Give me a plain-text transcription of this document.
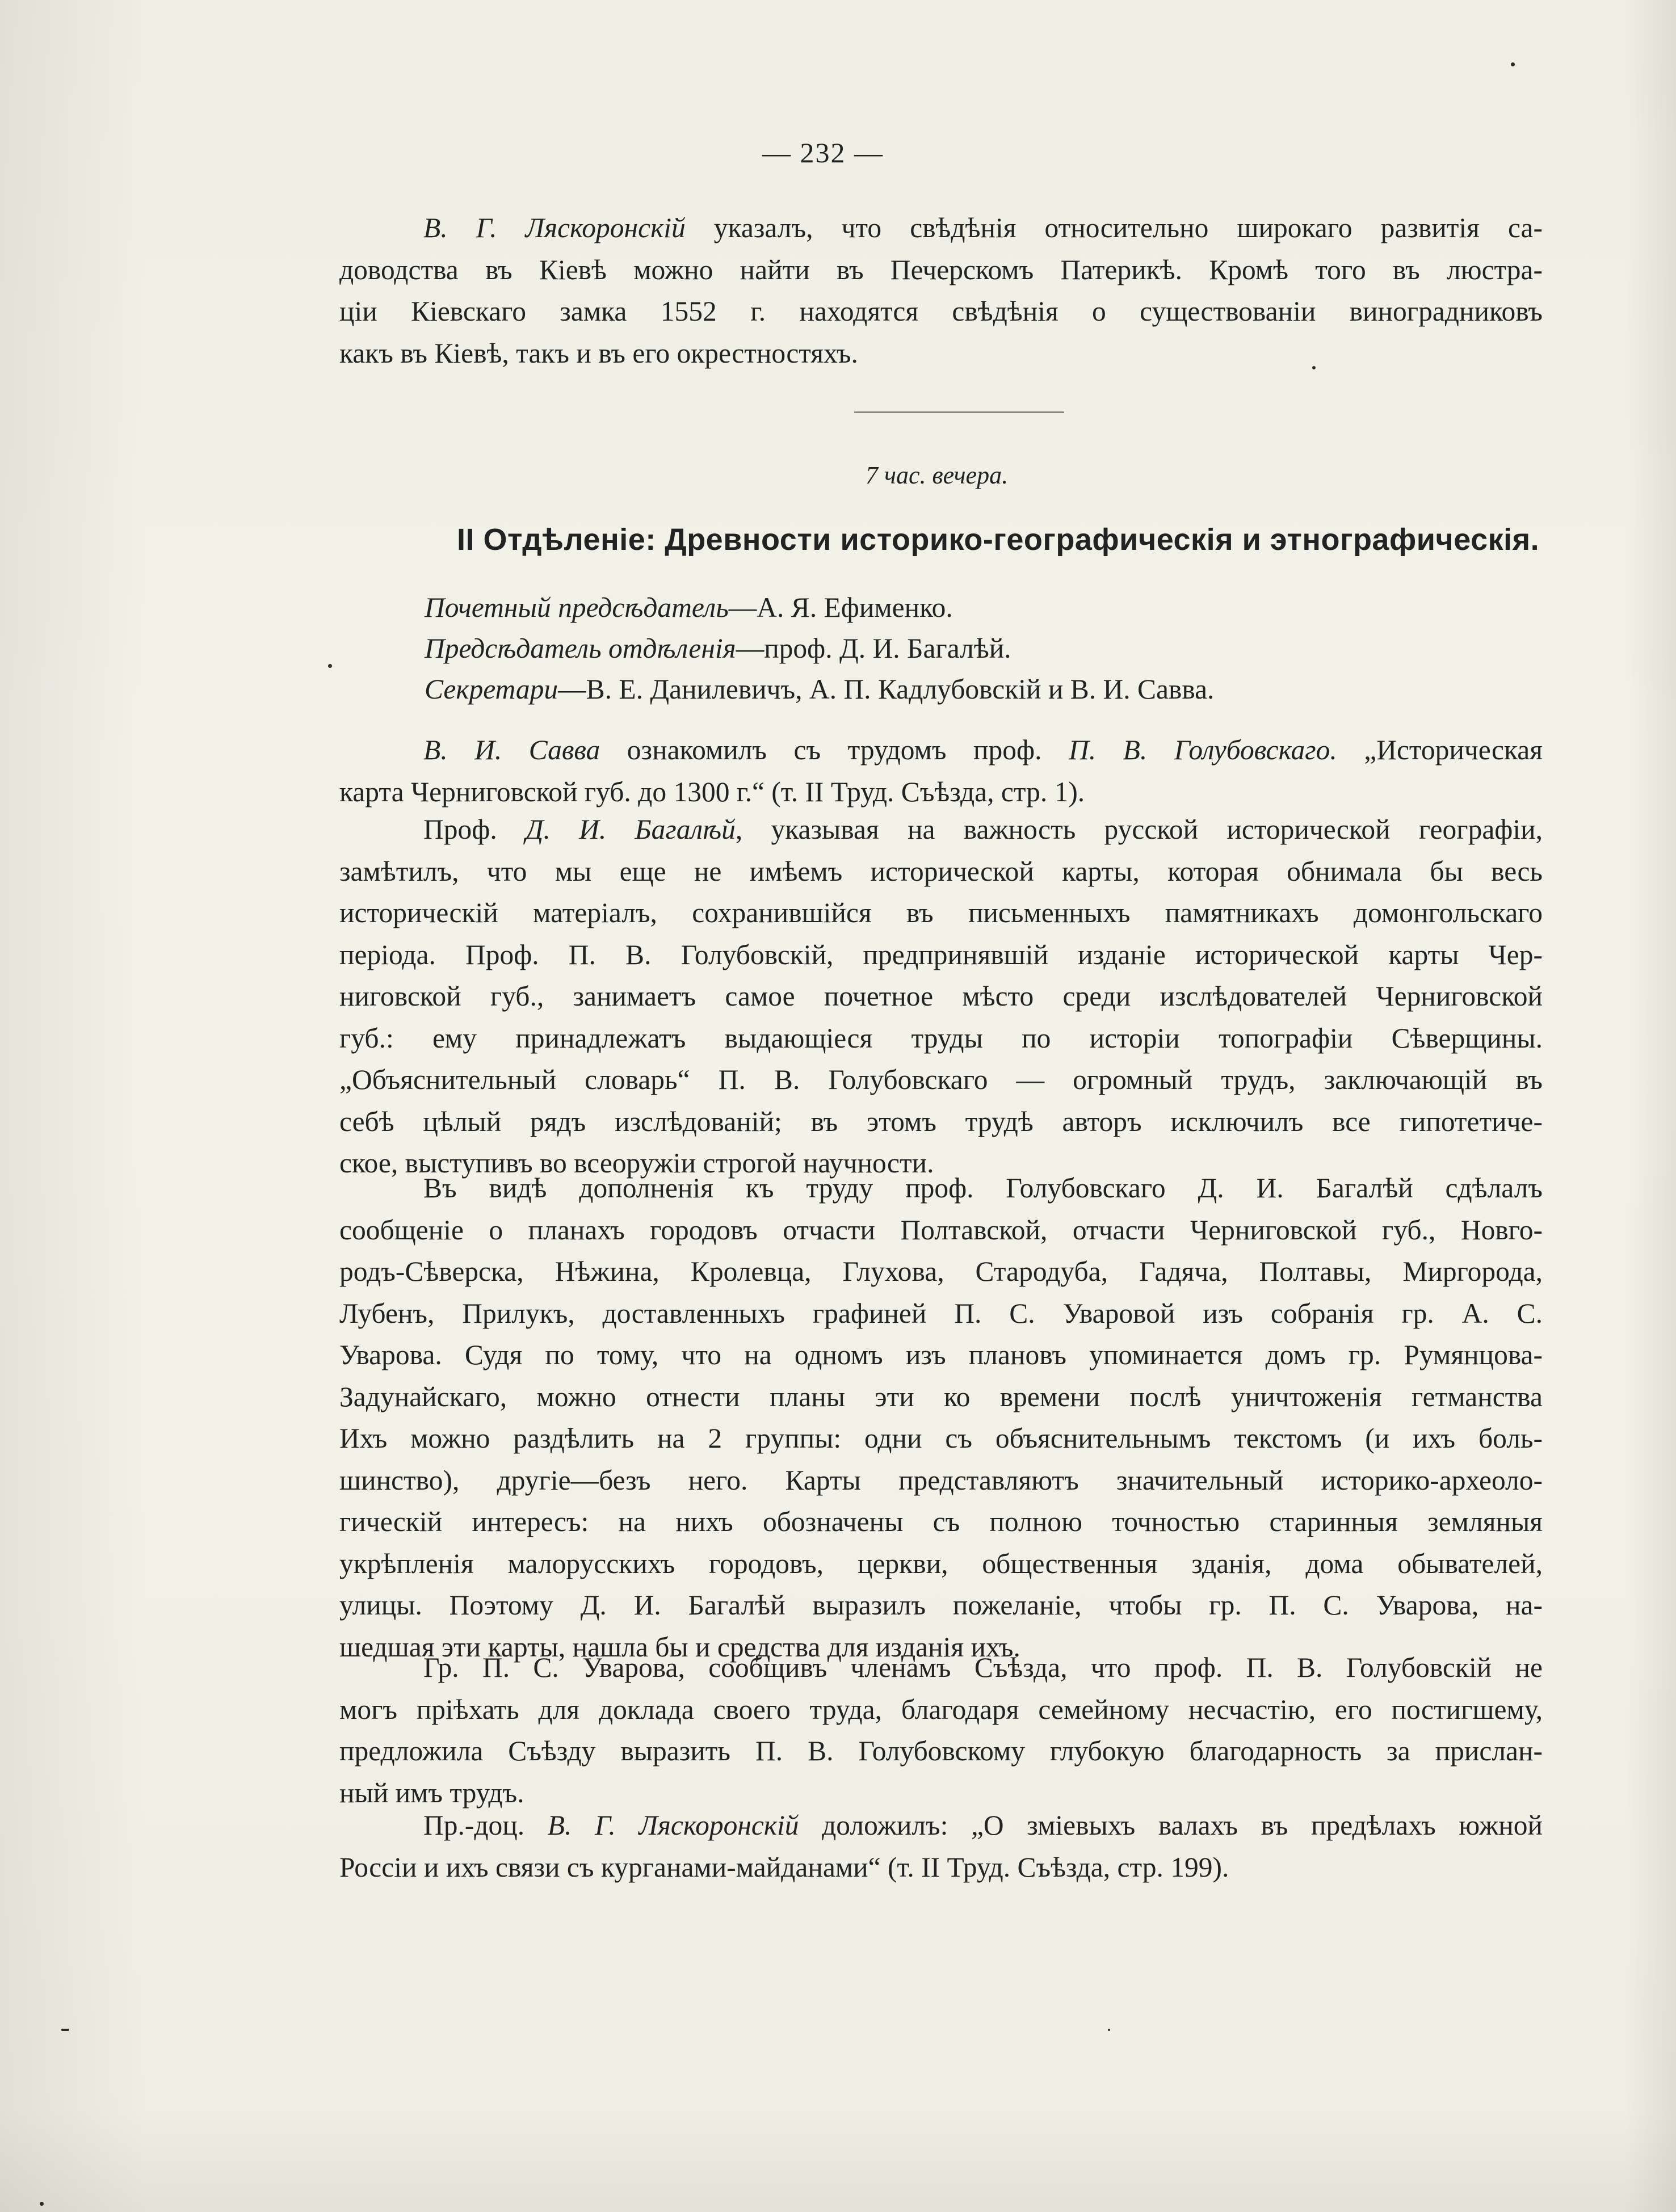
— 232 —
В. Г. Ляскоронскій указалъ, что свѣдѣнія относительно широкаго развитія са-
доводства въ Кіевѣ можно найти въ Печерскомъ Патерикѣ. Кромѣ того въ люстра-
ціи Кіевскаго замка 1552 г. находятся свѣдѣнія о существованіи виноградниковъ
какъ въ Кіевѣ, такъ и въ его окрестностяхъ.
7 час. вечера.
II Отдѣленіе: Древности историко-географическія и этнографическія.
Почетный предсѣдатель—А. Я. Ефименко.
Предсѣдатель отдѣленія—проф. Д. И. Багалѣй.
Секретари—В. Е. Данилевичъ, А. П. Кадлубовскій и В. И. Савва.
В. И. Савва ознакомилъ съ трудомъ проф. П. В. Голубовскаго. „Историческая
карта Черниговской губ. до 1300 г.“ (т. II Труд. Съѣзда, стр. 1).
Проф. Д. И. Багалѣй, указывая на важность русской исторической географіи,
замѣтилъ, что мы еще не имѣемъ исторической карты, которая обнимала бы весь
историческій матеріалъ, сохранившійся въ письменныхъ памятникахъ домонгольскаго
періода. Проф. П. В. Голубовскій, предпринявшій изданіе исторической карты Чер-
ниговской губ., занимаетъ самое почетное мѣсто среди изслѣдователей Черниговской
губ.: ему принадлежатъ выдающіеся труды по исторіи топографіи Сѣверщины.
„Объяснительный словарь“ П. В. Голубовскаго — огромный трудъ, заключающій въ
себѣ цѣлый рядъ изслѣдованій; въ этомъ трудѣ авторъ исключилъ все гипотетиче-
ское, выступивъ во всеоружіи строгой научности.
Въ видѣ дополненія къ труду проф. Голубовскаго Д. И. Багалѣй сдѣлалъ
сообщеніе о планахъ городовъ отчасти Полтавской, отчасти Черниговской губ., Новго-
родъ-Сѣверска, Нѣжина, Кролевца, Глухова, Стародуба, Гадяча, Полтавы, Миргорода,
Лубенъ, Прилукъ, доставленныхъ графиней П. С. Уваровой изъ собранія гр. А. С.
Уварова. Судя по тому, что на одномъ изъ плановъ упоминается домъ гр. Румянцова-
Задунайскаго, можно отнести планы эти ко времени послѣ уничтоженія гетманства
Ихъ можно раздѣлить на 2 группы: одни съ объяснительнымъ текстомъ (и ихъ боль-
шинство), другіе—безъ него. Карты представляютъ значительный историко-археоло-
гическій интересъ: на нихъ обозначены съ полною точностью старинныя земляныя
укрѣпленія малорусскихъ городовъ, церкви, общественныя зданія, дома обывателей,
улицы. Поэтому Д. И. Багалѣй выразилъ пожеланіе, чтобы гр. П. С. Уварова, на-
шедшая эти карты, нашла бы и средства для изданія ихъ.
Гр. П. С. Уварова, сообщивъ членамъ Съѣзда, что проф. П. В. Голубовскій не
могъ пріѣхать для доклада своего труда, благодаря семейному несчастію, его постигшему,
предложила Съѣзду выразить П. В. Голубовскому глубокую благодарность за прислан-
ный имъ трудъ.
Пр.-доц. В. Г. Ляскоронскій доложилъ: „О зміевыхъ валахъ въ предѣлахъ южной
Россіи и ихъ связи съ курганами-майданами“ (т. II Труд. Съѣзда, стр. 199).
